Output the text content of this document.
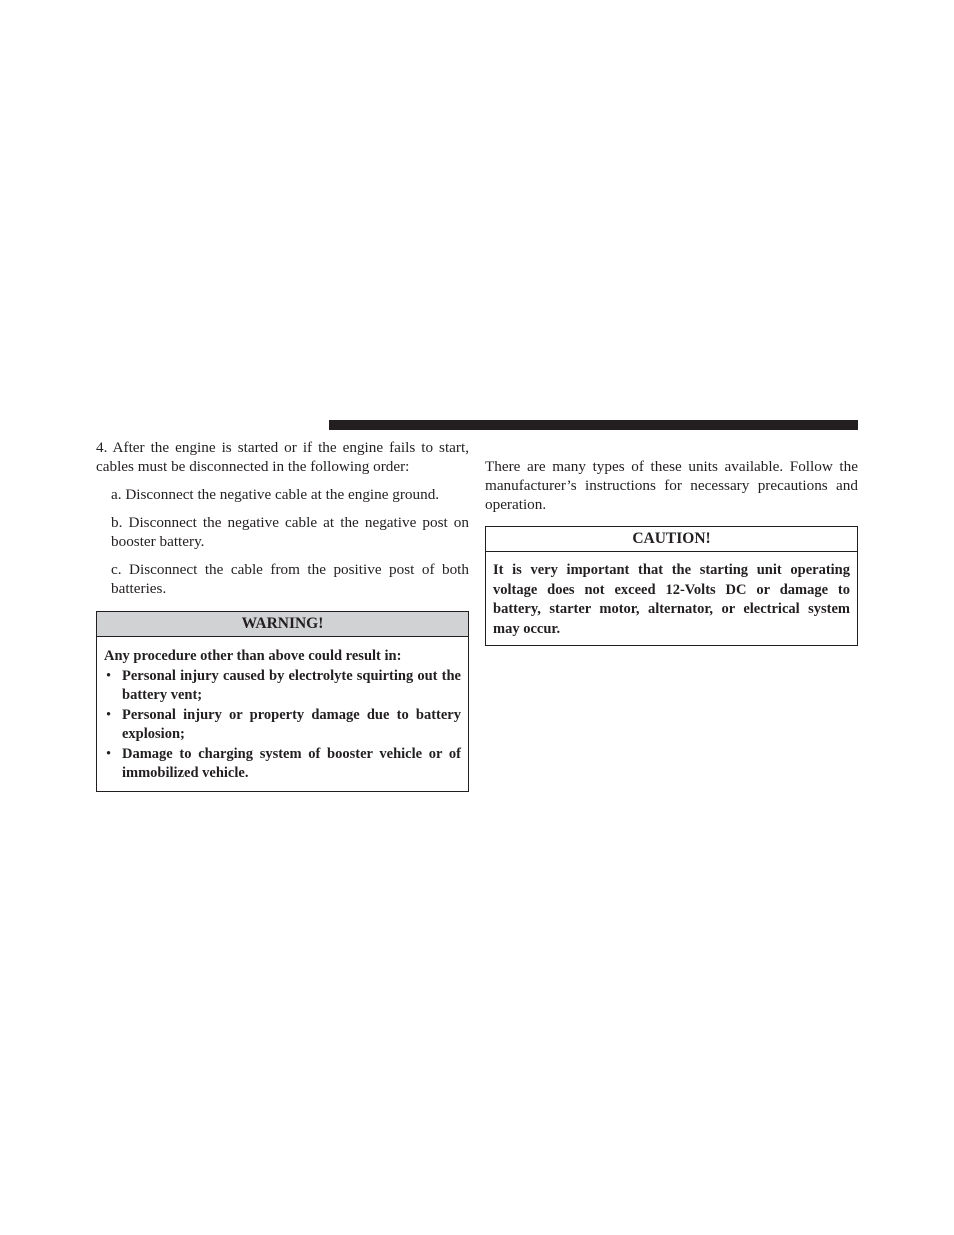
4. After the engine is started or if the engine fails to start, cables must be disconnected in the following order:

a. Disconnect the negative cable at the engine ground.

b. Disconnect the negative cable at the negative post on booster battery.

c. Disconnect the cable from the positive post of both batteries.

WARNING!

Any procedure other than above could result in:

• Personal injury caused by electrolyte squirting out the battery vent;
• Personal injury or property damage due to battery explosion;
• Damage to charging system of booster vehicle or of immobilized vehicle.

There are many types of these units available. Follow the manufacturer’s instructions for necessary precautions and operation.

CAUTION!

It is very important that the starting unit operating voltage does not exceed 12-Volts DC or damage to battery, starter motor, alternator, or electrical system may occur.
